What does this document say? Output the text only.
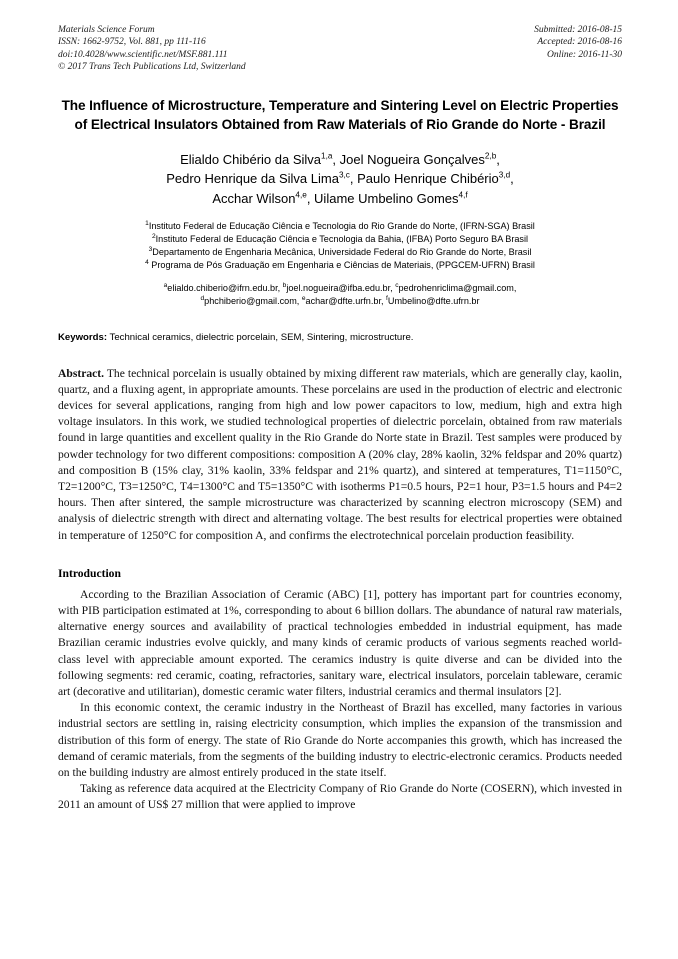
Materials Science Forum
ISSN: 1662-9752, Vol. 881, pp 111-116
doi:10.4028/www.scientific.net/MSF.881.111
© 2017 Trans Tech Publications Ltd, Switzerland
Submitted: 2016-08-15
Accepted: 2016-08-16
Online: 2016-11-30
The Influence of Microstructure, Temperature and Sintering Level on Electric Properties of Electrical Insulators Obtained from Raw Materials of Rio Grande do Norte - Brazil
Elialdo Chibério da Silva$^{1,a}$, Joel Nogueira Gonçalves$^{2,b}$,
Pedro Henrique da Silva Lima$^{3,c}$, Paulo Henrique Chibério$^{3,d}$,
Acchar Wilson$^{4,e}$, Uilame Umbelino Gomes$^{4,f}$
$^1$Instituto Federal de Educação Ciência e Tecnologia do Rio Grande do Norte, (IFRN-SGA) Brasil
$^2$Instituto Federal de Educação Ciência e Tecnologia da Bahia, (IFBA) Porto Seguro BA Brasil
$^3$Departamento de Engenharia Mecânica, Universidade Federal do Rio Grande do Norte, Brasil
$^4$ Programa de Pós Graduação em Engenharia e Ciências de Materiais, (PPGCEM-UFRN) Brasil
$^a$elialdo.chiberio@ifrn.edu.br, $^b$joel.nogueira@ifba.edu.br, $^c$pedrohenriclima@gmail.com,
$^d$phchiberio@gmail.com, $^e$achar@dfte.urfn.br, $^f$Umbelino@dfte.ufrn.br
Keywords: Technical ceramics, dielectric porcelain, SEM, Sintering, microstructure.
Abstract. The technical porcelain is usually obtained by mixing different raw materials, which are generally clay, kaolin, quartz, and a fluxing agent, in appropriate amounts. These porcelains are used in the production of electric and electronic devices for several applications, ranging from high and low power capacitors to low, medium, high and extra high voltage insulators. In this work, we studied technological properties of dielectric porcelain, obtained from raw materials found in large quantities and excellent quality in the Rio Grande do Norte state in Brazil. Test samples were produced by powder technology for two different compositions: composition A (20% clay, 28% kaolin, 32% feldspar and 20% quartz) and composition B (15% clay, 31% kaolin, 33% feldspar and 21% quartz), and sintered at temperatures, T1=1150°C, T2=1200°C, T3=1250°C, T4=1300°C and T5=1350°C with isotherms P1=0.5 hours, P2=1 hour, P3=1.5 hours and P4=2 hours. Then after sintered, the sample microstructure was characterized by scanning electron microscopy (SEM) and analysis of dielectric strength with direct and alternating voltage. The best results for electrical properties were obtained in temperature of 1250°C for composition A, and confirms the electrotechnical porcelain production feasibility.
Introduction
According to the Brazilian Association of Ceramic (ABC) [1], pottery has important part for countries economy, with PIB participation estimated at 1%, corresponding to about 6 billion dollars. The abundance of natural raw materials, alternative energy sources and availability of practical technologies embedded in industrial equipment, has made Brazilian ceramic industries evolve quickly, and many kinds of ceramic products of various segments reached world-class level with appreciable amount exported. The ceramics industry is quite diverse and can be divided into the following segments: red ceramic, coating, refractories, sanitary ware, electrical insulators, porcelain tableware, ceramic art (decorative and utilitarian), domestic ceramic water filters, industrial ceramics and thermal insulators [2].
In this economic context, the ceramic industry in the Northeast of Brazil has excelled, many factories in various industrial sectors are settling in, raising electricity consumption, which implies the expansion of the transmission and distribution of this form of energy. The state of Rio Grande do Norte accompanies this growth, which has increased the demand of ceramic materials, from the segments of the building industry to electric-electronic ceramics. Products needed on the building industry are almost entirely produced in the state itself.
Taking as reference data acquired at the Electricity Company of Rio Grande do Norte (COSERN), which invested in 2011 an amount of US$ 27 million that were applied to improve
